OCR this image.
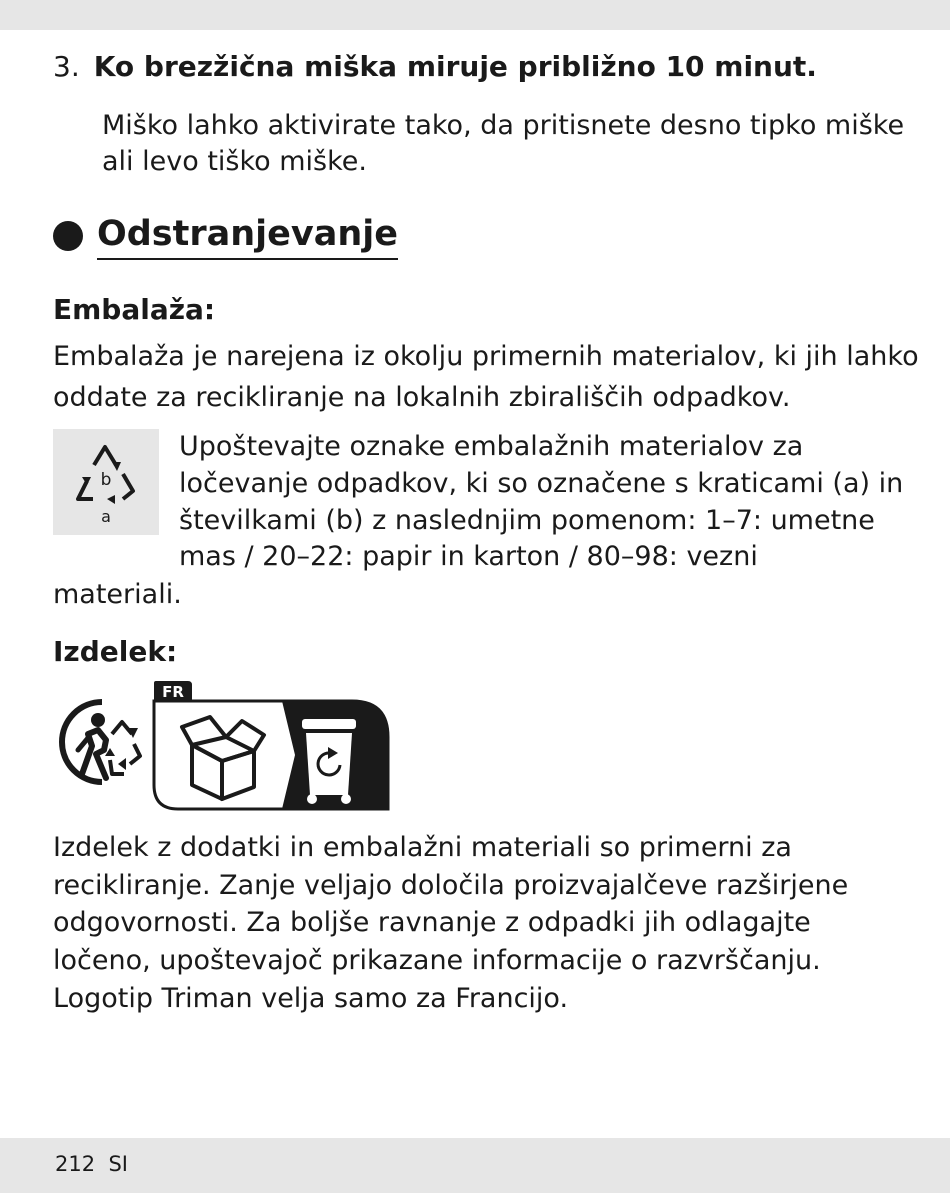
3. Ko brezžična miška miruje približno 10 minut.

Miško lahko aktivirate tako, da pritisnete desno tipko miške

ali levo tiško miške.

Odstranjevanje

Embalaža:

Embalaža je narejena iz okolju primernih materialov, ki jih lahko

oddate za recikliranje na lokalnih zbirališčih odpadkov.

b
a

Upoštevajte oznake embalažnih materialov za

ločevanje odpadkov, ki so označene s kraticami (a) in

številkami (b) z naslednjim pomenom: 1–7: umetne

mas / 20–22: papir in karton / 80–98: vezni

materiali.

Izdelek:

FR

Izdelek z dodatki in embalažni materiali so primerni za

recikliranje. Zanje veljajo določila proizvajalčeve razširjene

odgovornosti. Za boljše ravnanje z odpadki jih odlagajte

ločeno, upoštevajoč prikazane informacije o razvrščanju.

Logotip Triman velja samo za Francijo.

212 SI
